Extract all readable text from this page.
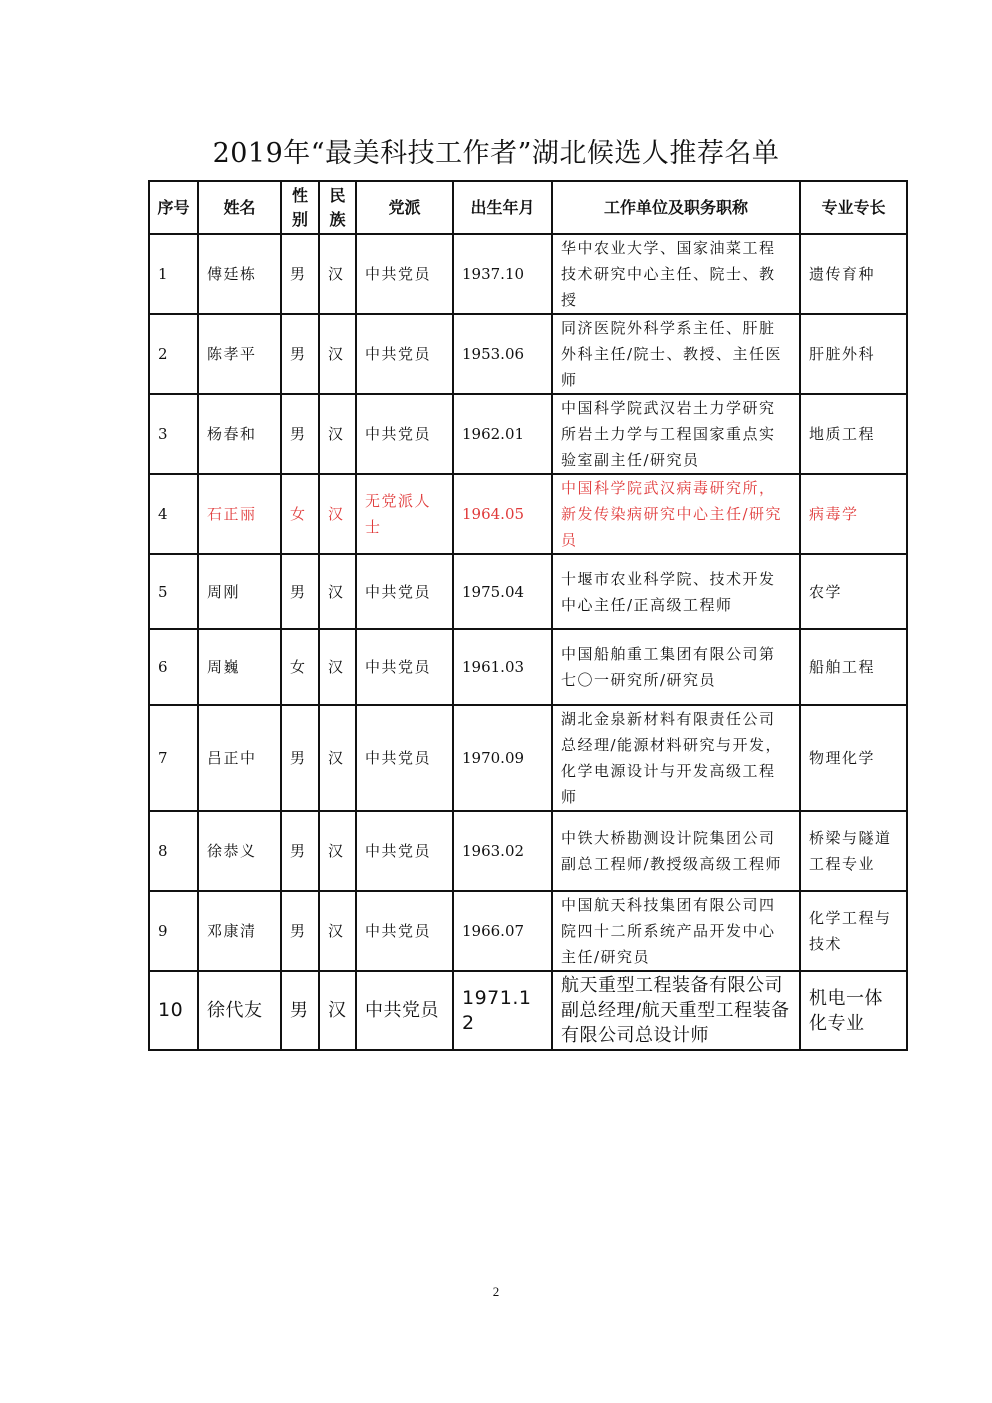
2019年“最美科技工作者”湖北候选人推荐名单
序号	姓名	性别	民族	党派	出生年月	工作单位及职务职称	专业专长
1	傅廷栋	男	汉	中共党员	1937.10	华中农业大学、国家油菜工程技术研究中心主任、院士、教授	遗传育种
2	陈孝平	男	汉	中共党员	1953.06	同济医院外科学系主任、肝脏外科主任/院士、教授、主任医师	肝脏外科
3	杨春和	男	汉	中共党员	1962.01	中国科学院武汉岩土力学研究所岩土力学与工程国家重点实验室副主任/研究员	地质工程
4	石正丽	女	汉	无党派人士	1964.05	中国科学院武汉病毒研究所，新发传染病研究中心主任/研究员	病毒学
5	周刚	男	汉	中共党员	1975.04	十堰市农业科学院、技术开发中心主任/正高级工程师	农学
6	周巍	女	汉	中共党员	1961.03	中国船舶重工集团有限公司第七〇一研究所/研究员	船舶工程
7	吕正中	男	汉	中共党员	1970.09	湖北金泉新材料有限责任公司总经理/能源材料研究与开发，化学电源设计与开发高级工程师	物理化学
8	徐恭义	男	汉	中共党员	1963.02	中铁大桥勘测设计院集团公司副总工程师/教授级高级工程师	桥梁与隧道工程专业
9	邓康清	男	汉	中共党员	1966.07	中国航天科技集团有限公司四院四十二所系统产品开发中心主任/研究员	化学工程与技术
10	徐代友	男	汉	中共党员	1971.12	航天重型工程装备有限公司副总经理/航天重型工程装备有限公司总设计师	机电一体化专业
2
